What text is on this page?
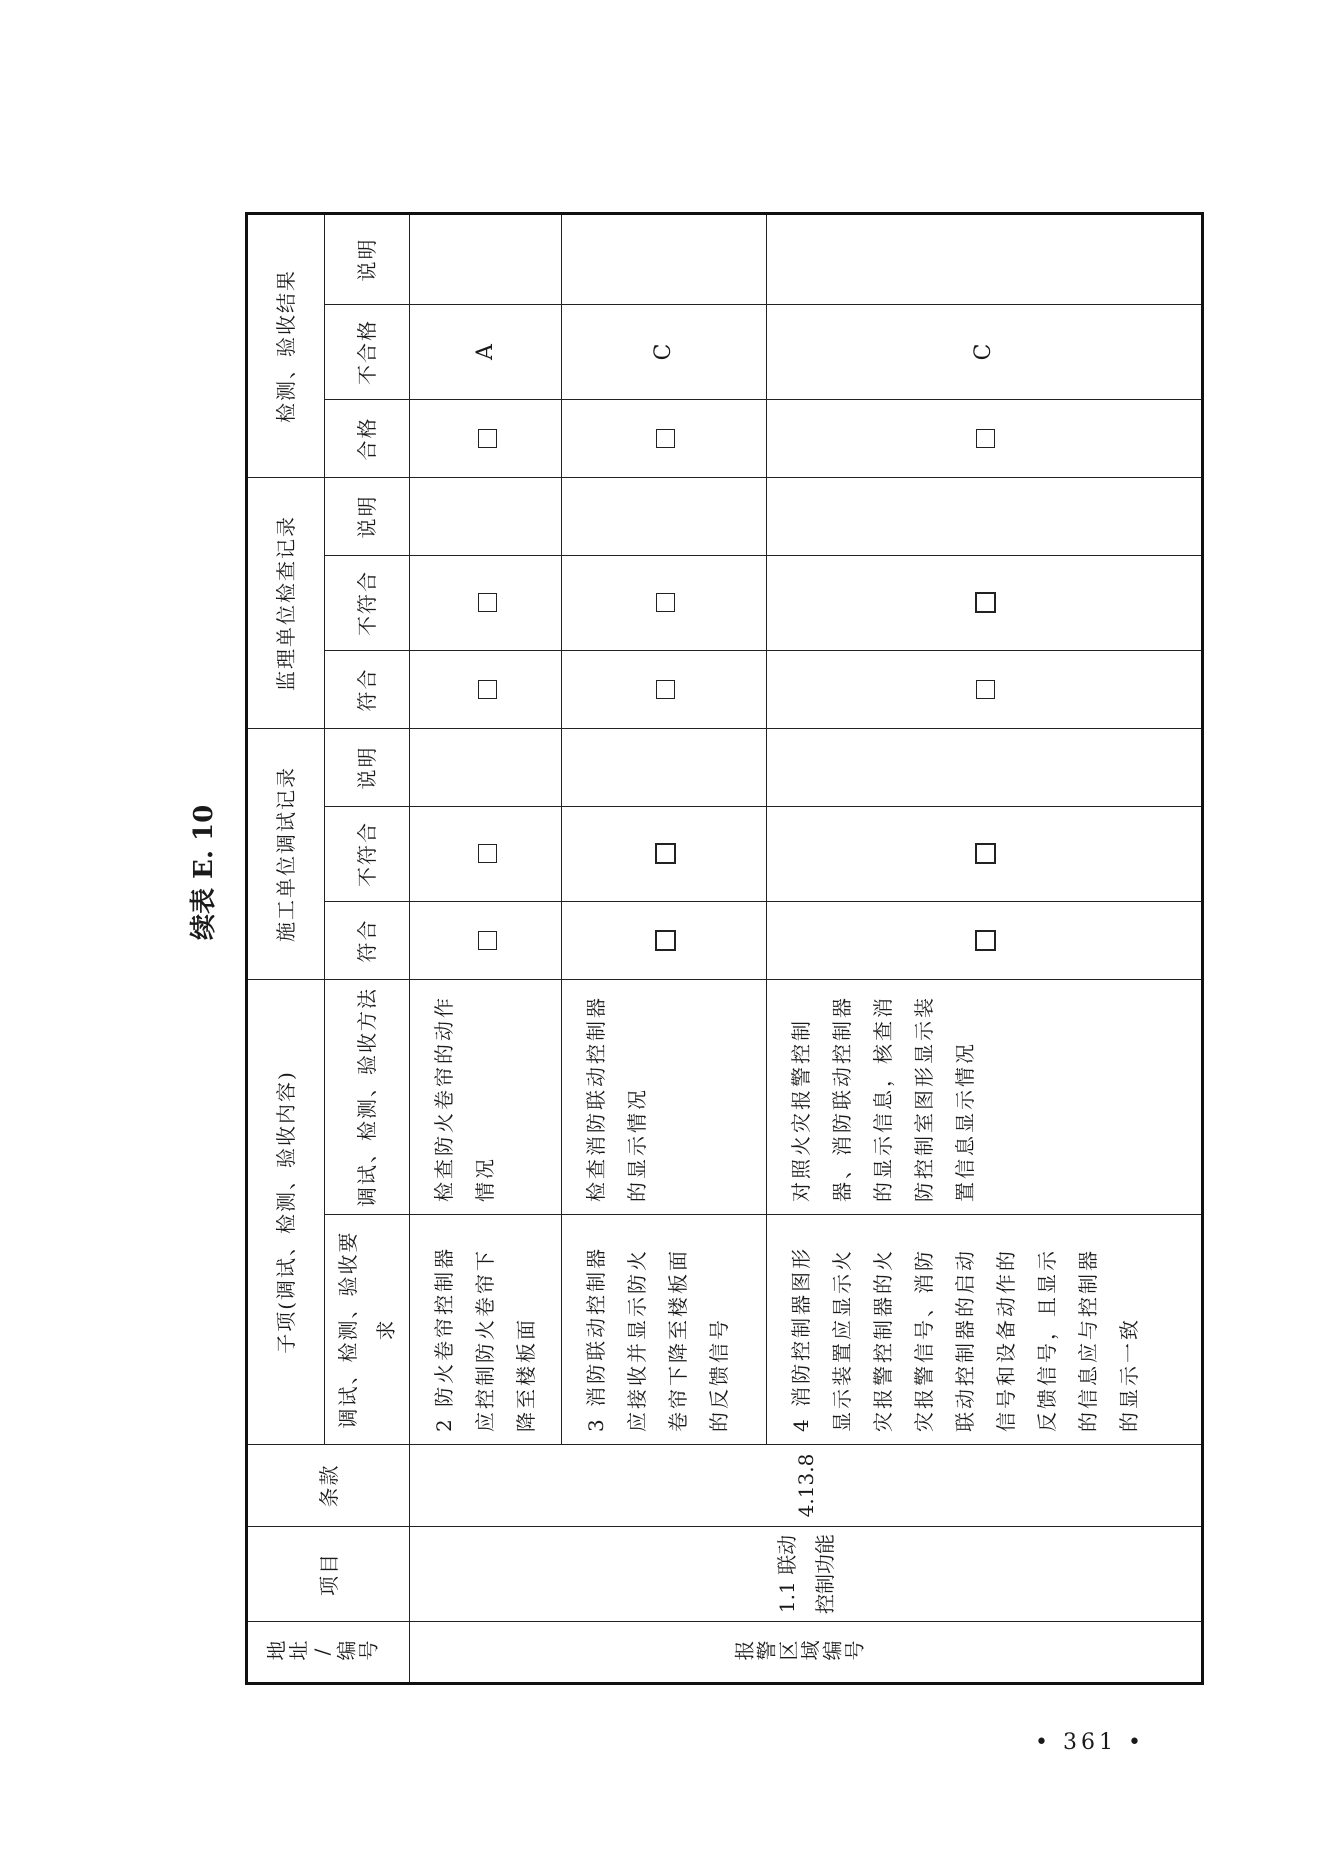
续表 E. 10
地址/编号	项目	条款	子项(调试、检测、验收内容)		施工单位调试记录			监理单位检查记录			检测、验收结果		
			调试、检测、验收要求	调试、检测、验收方法	符合	不符合	说明	符合	不符合	说明	合格	不合格	说明
报警区域编号	1.1 联动控制功能	4.13.8	2 防火卷帘控制器应控制防火卷帘下降至楼板面	检查防火卷帘的动作情况								A	
			3 消防联动控制器应接收并显示防火卷帘下降至楼板面的反馈信号	检查消防联动控制器的显示情况								C	
			4 消防控制器图形显示装置应显示火灾报警控制器的火灾报警信号、消防联动控制器的启动信号和设备动作的反馈信号，且显示的信息应与控制器的显示一致	对照火灾报警控制器、消防联动控制器的显示信息，核查消防控制室图形显示装置信息显示情况								C	
• 361 •
